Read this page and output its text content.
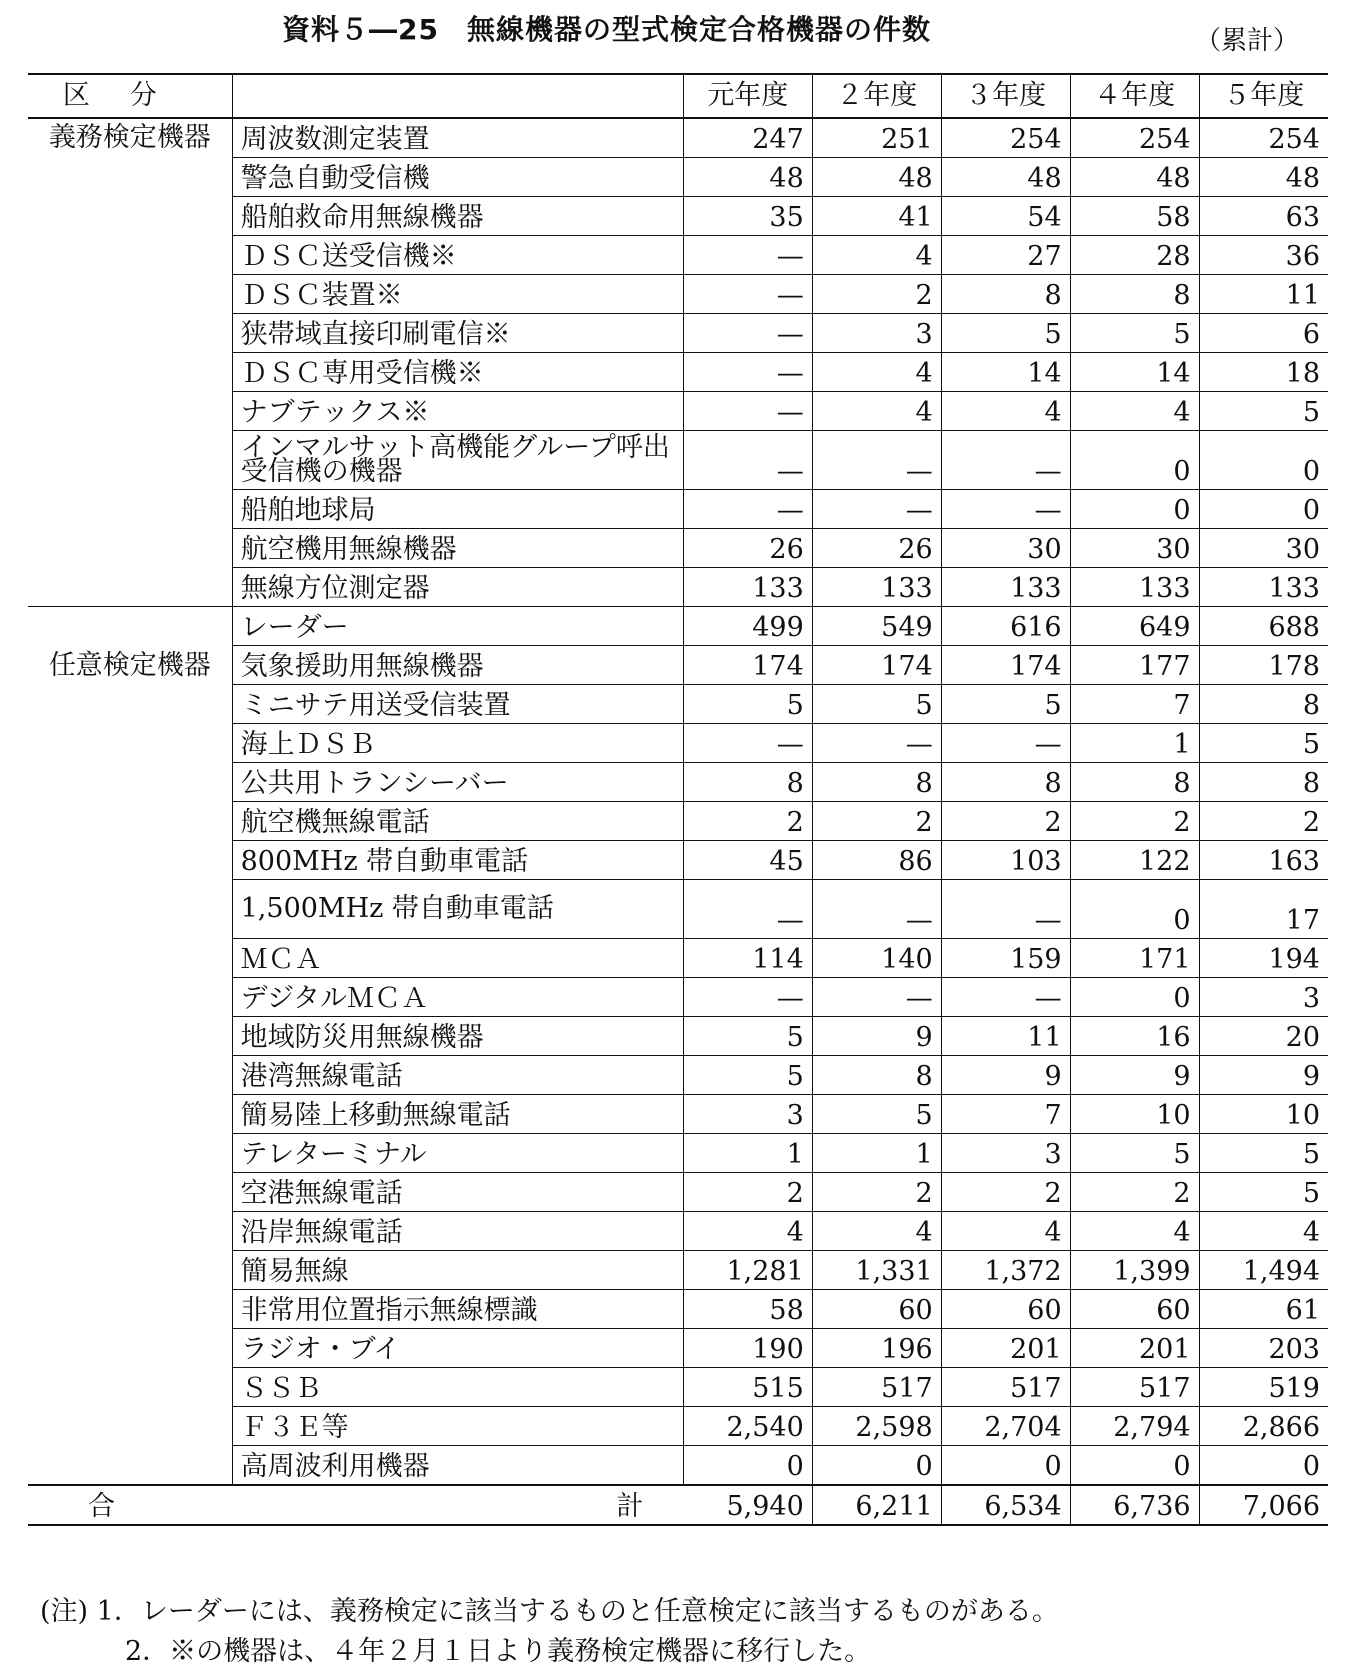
資料５―25 無線機器の型式検定合格機器の件数	（累計）
区分		元年度	２年度	３年度	４年度	５年度
義務検定機器	周波数測定装置	247	251	254	254	254
	警急自動受信機	48	48	48	48	48
	船舶救命用無線機器	35	41	54	58	63
	ＤＳＣ送受信機※	—	4	27	28	36
	ＤＳＣ装置※	—	2	8	8	11
	狭帯域直接印刷電信※	—	3	5	5	6
	ＤＳＣ専用受信機※	—	4	14	14	18
	ナブテックス※	—	4	4	4	5
	インマルサット高機能グループ呼出受信機の機器	—	—	—	0	0
	船舶地球局	—	—	—	0	0
	航空機用無線機器	26	26	30	30	30
	無線方位測定器	133	133	133	133	133
任意検定機器	レーダー	499	549	616	649	688
	気象援助用無線機器	174	174	174	177	178
	ミニサテ用送受信装置	5	5	5	7	8
	海上ＤＳＢ	—	—	—	1	5
	公共用トランシーバー	8	8	8	8	8
	航空機無線電話	2	2	2	2	2
	800MHz 帯自動車電話	45	86	103	122	163
	1,500MHz 帯自動車電話	—	—	—	0	17
	ＭＣＡ	114	140	159	171	194
	デジタルＭＣＡ	—	—	—	0	3
	地域防災用無線機器	5	9	11	16	20
	港湾無線電話	5	8	9	9	9
	簡易陸上移動無線電話	3	5	7	10	10
	テレターミナル	1	1	3	5	5
	空港無線電話	2	2	2	2	5
	沿岸無線電話	4	4	4	4	4
	簡易無線	1,281	1,331	1,372	1,399	1,494
	非常用位置指示無線標識	58	60	60	60	61
	ラジオ・ブイ	190	196	201	201	203
	ＳＳＢ	515	517	517	517	519
	Ｆ３Ｅ等	2,540	2,598	2,704	2,794	2,866
	高周波利用機器	0	0	0	0	0
合計		5,940	6,211	6,534	6,736	7,066
(注) 1．レーダーには、義務検定に該当するものと任意検定に該当するものがある。
2．※の機器は、４年２月１日より義務検定機器に移行した。
